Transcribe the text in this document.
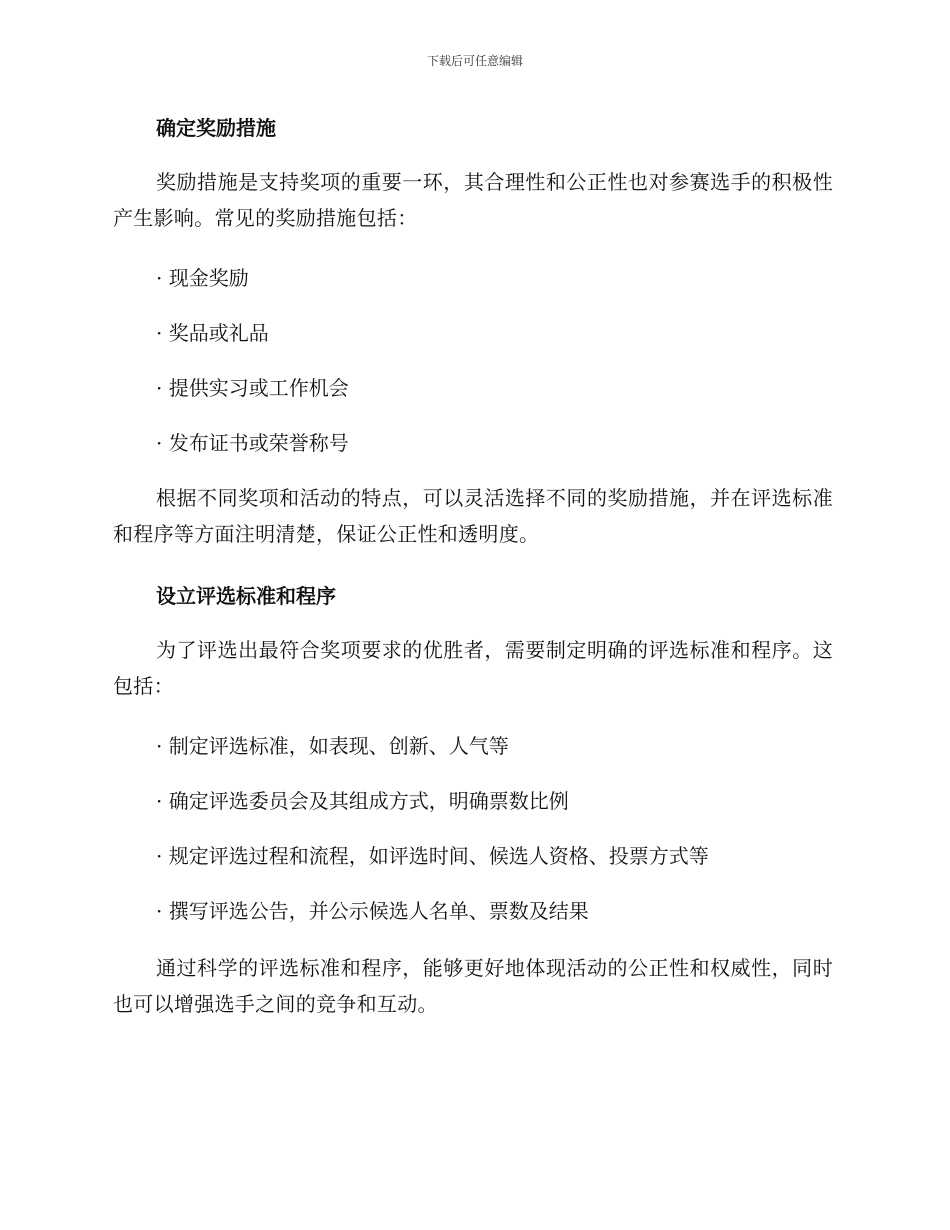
下载后可任意编辑
确定奖励措施

奖励措施是支持奖项的重要一环，其合理性和公正性也对参赛选手的积极性产生影响。常见的奖励措施包括：

· 现金奖励
· 奖品或礼品
· 提供实习或工作机会
· 发布证书或荣誉称号

根据不同奖项和活动的特点，可以灵活选择不同的奖励措施，并在评选标准和程序等方面注明清楚，保证公正性和透明度。

设立评选标准和程序

为了评选出最符合奖项要求的优胜者，需要制定明确的评选标准和程序。这包括：

· 制定评选标准，如表现、创新、人气等
· 确定评选委员会及其组成方式，明确票数比例
· 规定评选过程和流程，如评选时间、候选人资格、投票方式等
· 撰写评选公告，并公示候选人名单、票数及结果

通过科学的评选标准和程序，能够更好地体现活动的公正性和权威性，同时也可以增强选手之间的竞争和互动。
